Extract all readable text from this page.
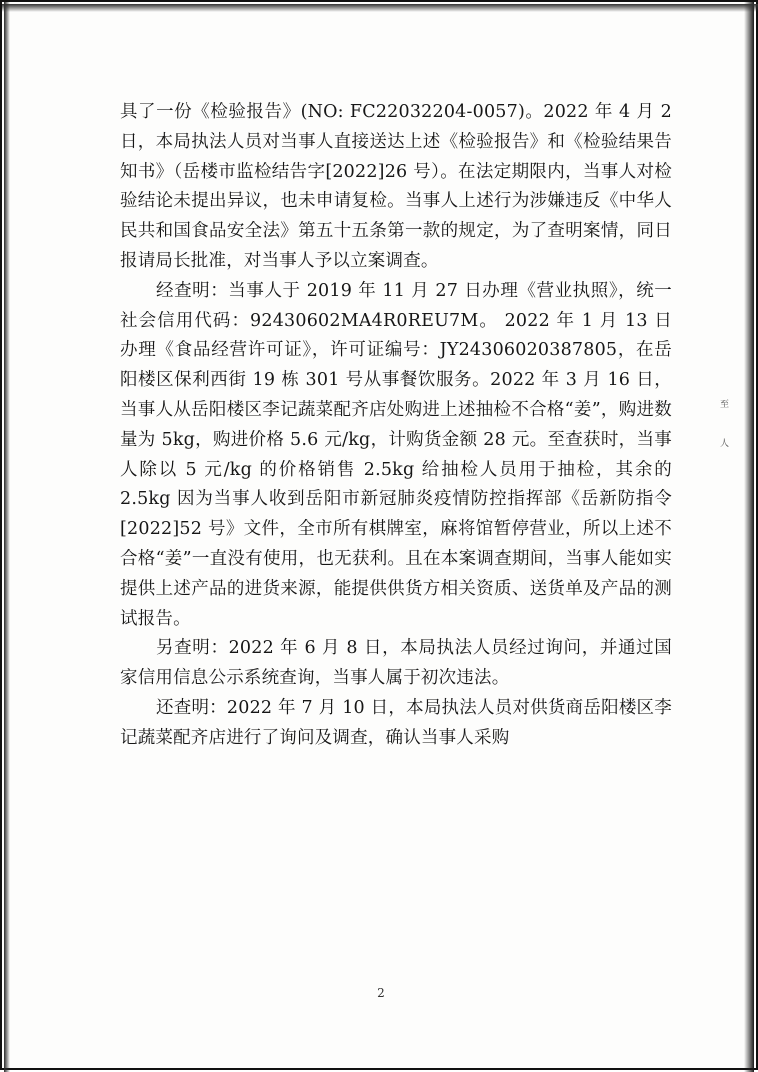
具了一份《检验报告》(NO: FC22032204-0057)。2022 年 4 月 2 日，本局执法人员对当事人直接送达上述《检验报告》和《检验结果告知书》（岳楼市监检结告字[2022]26 号）。在法定期限内，当事人对检验结论未提出异议，也未申请复检。当事人上述行为涉嫌违反《中华人民共和国食品安全法》第五十五条第一款的规定，为了查明案情，同日报请局长批准，对当事人予以立案调查。

经查明：当事人于 2019 年 11 月 27 日办理《营业执照》，统一社会信用代码：92430602MA4R0REU7M。 2022 年 1 月 13 日办理《食品经营许可证》，许可证编号：JY24306020387805，在岳阳楼区保利西街 19 栋 301 号从事餐饮服务。2022 年 3 月 16 日，当事人从岳阳楼区李记蔬菜配齐店处购进上述抽检不合格“姜”，购进数量为 5kg，购进价格 5.6 元/kg，计购货金额 28 元。至查获时，当事人除以 5 元/kg 的价格销售 2.5kg 给抽检人员用于抽检，其余的 2.5kg 因为当事人收到岳阳市新冠肺炎疫情防控指挥部《岳新防指令[2022]52 号》文件，全市所有棋牌室，麻将馆暂停营业，所以上述不合格“姜”一直没有使用，也无获利。且在本案调查期间，当事人能如实提供上述产品的进货来源，能提供供货方相关资质、送货单及产品的测试报告。

另查明：2022 年 6 月 8 日，本局执法人员经过询问，并通过国家信用信息公示系统查询，当事人属于初次违法。

还查明：2022 年 7 月 10 日，本局执法人员对供货商岳阳楼区李记蔬菜配齐店进行了询问及调查，确认当事人采购

至
人
2
